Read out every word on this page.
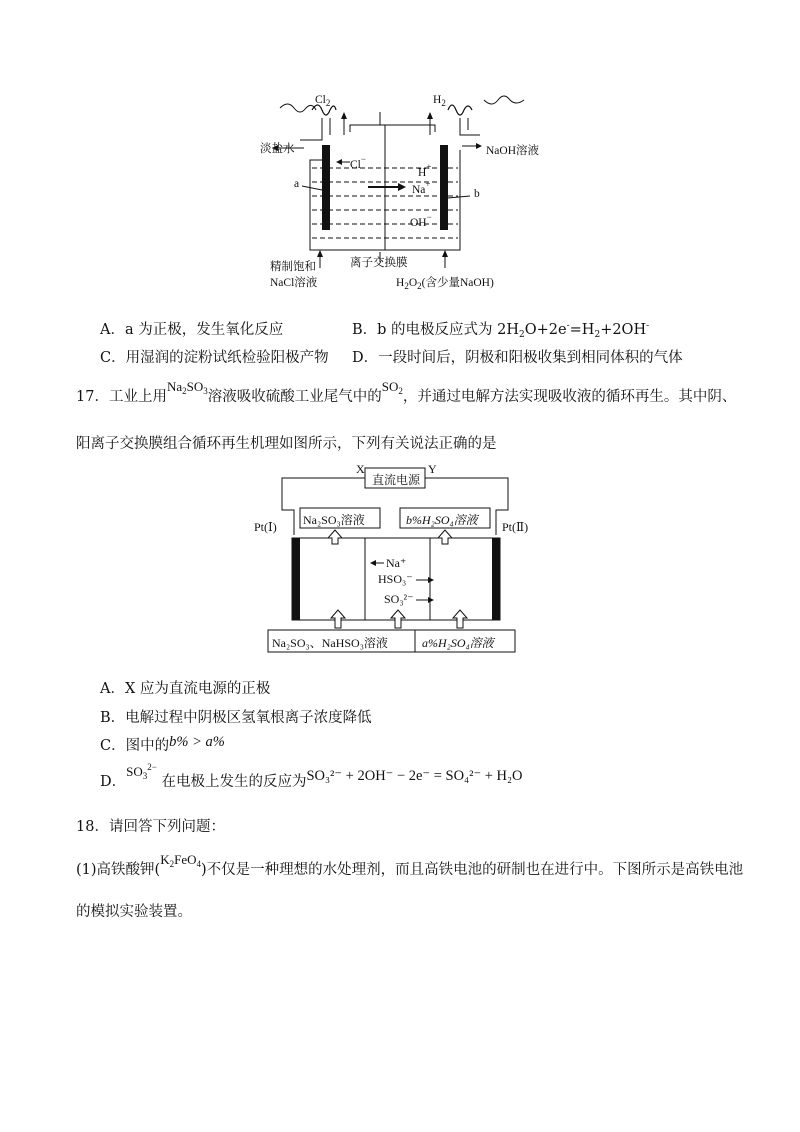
$Cl_2$	$H_2$
淡盐水	NaOH溶液
Cl−
H+
Na+
OH−
a
b
精制饱和
NaCl溶液
离子交换膜
$H_2O_2$(含少量NaOH)
A．a 为正极，发生氧化反应	B．b 的电极反应式为 $2H_2O+2e^-=H_2+2OH^-$
C．用湿润的淀粉试纸检验阳极产物 D．一段时间后，阴极和阳极收集到相同体积的气体
17．工业上用$Na_2SO_3$溶液吸收硫酸工业尾气中的$SO_2$，并通过电解方法实现吸收液的循环再生。其中阴、
阳离子交换膜组合循环再生机理如图所示，下列有关说法正确的是
X	Y
直流电源
Na₂SO₃溶液	b%H₂SO₄溶液
Pt(Ⅰ)	Pt(Ⅱ)
Na⁺
HSO₃⁻
SO₃²⁻
Na₂SO₃、NaHSO₃溶液	a%H₂SO₄溶液
A．X 应为直流电源的正极
B．电解过程中阴极区氢氧根离子浓度降低
C．图中的b% > a%
D．$SO_3^{2-}$ 在电极上发生的反应为SO₃²⁻ + 2OH⁻ − 2e⁻ = SO₄²⁻ + H₂O
18．请回答下列问题：
(1)高铁酸钾$(K_2FeO_4)$不仅是一种理想的水处理剂，而且高铁电池的研制也在进行中。下图所示是高铁电池
的模拟实验装置。
